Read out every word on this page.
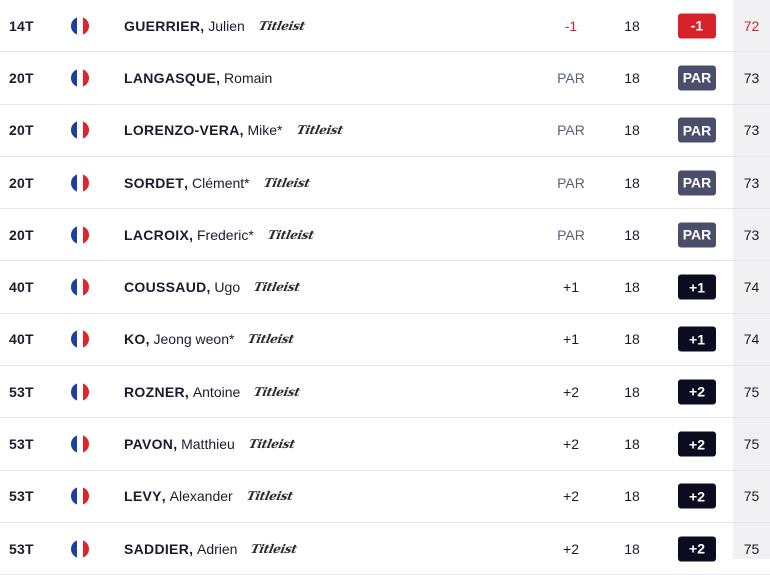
14T	GUERRIER , Julien Titleist	-1	18	-1	72
20T	LANGASQUE , Romain	PAR	18	PAR	73
20T	LORENZO-VERA , Mike* Titleist	PAR	18	PAR	73
20T	SORDET , Clément* Titleist	PAR	18	PAR	73
20T	LACROIX , Frederic* Titleist	PAR	18	PAR	73
40T	COUSSAUD , Ugo Titleist	+1	18	+1	74
40T	KO , Jeong weon* Titleist	+1	18	+1	74
53T	ROZNER , Antoine Titleist	+2	18	+2	75
53T	PAVON , Matthieu Titleist	+2	18	+2	75
53T	LEVY , Alexander Titleist	+2	18	+2	75
53T	SADDIER , Adrien Titleist	+2	18	+2	75
